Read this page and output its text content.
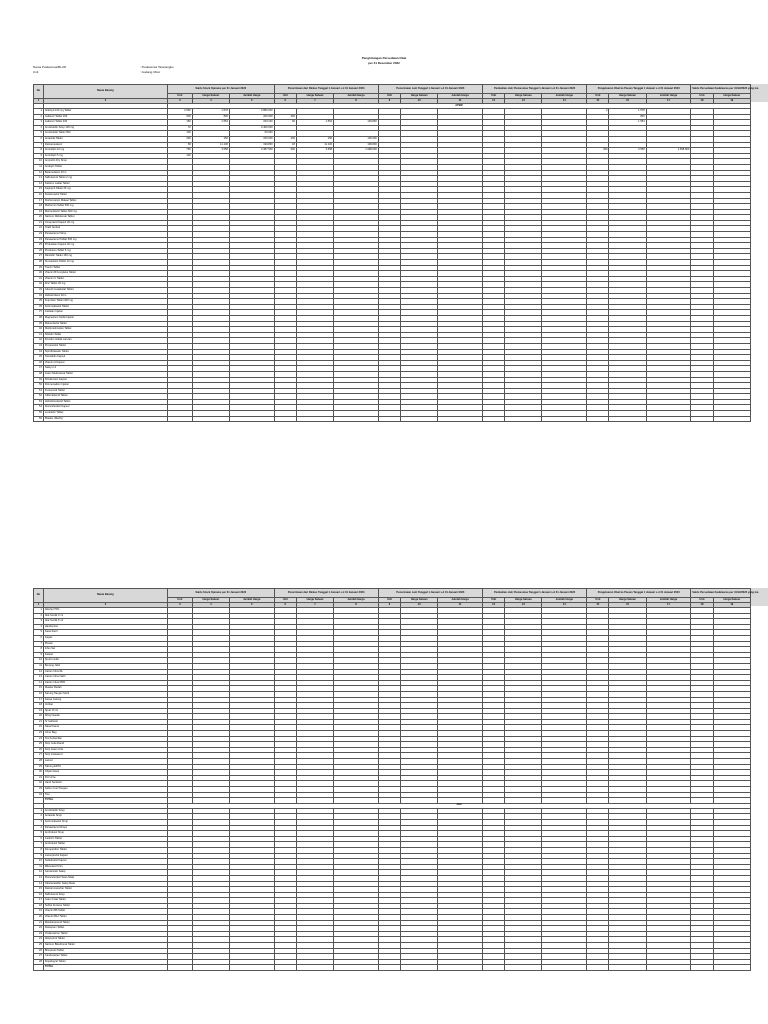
Penghitungan Persediaan Obat
per 31 Desember 2022
Nama Puskesmas/BLUD	: Puskesmas Taranangko
Unit	: Gudang Obat
No	Nama Barang	Saldo Stock Opname per 31 Januari 2023			Penerimaan dari Dinkes Tanggal 1 Januari s.d 31 Januari 2023			Penerimaan Lain Tanggal 1 Januari s.d 31 Januari 2023			Pembelian oleh Puskesmas Tanggal 1 Januari s.d 31 Januari 2023			Pengeluaran Obat ke Pasien Tanggal 1 Januari s.d 31 Januari 2023			Saldo Persediaan Kadaluarsa per 31/12/2022 yang ma	
		Unit	Harga Satuan	Jumlah Harga	Unit	Harga Satuan	Jumlah Harga	Unit	Harga Satuan	Jumlah Harga	Unit	Harga Satuan	Jumlah Harga	Unit	Harga Satuan	Jumlah Harga	Unit	Harga Satuan
1	2	3	4	5	6	7	8	9	10	11	12	13	14	15	16	17	18	19
		APBD																
1	Aldehyd 100 mg Tablet	2.560	1.578	3.880.000										2	1.578			
2	Asiklovir Tablet 200	500	800	200.000	400										800			
3	Asiklovir Tablet 400	150	1.554	233.100	90	1.554	139.860								1.554			
4	Amoksisilin Sirup 125 mg	72		3.400.000														
5	Amoksisilin Tablet 500	100		50.000														
6	Antasida Tablet	300	150	150.000	200	150	100.000											
7	Deksametason	68	11.100	199.800	18	11.100	199.800											
8	Amlodipin 10 mg	750	3.558	3.387.500	600	3.558	1.998.000							300	3.558	1.598.800		
9	Amlodipin 5 mg	120																
10	Ampisilin Dry Sirup																	
11	Antalgin Tablet																	
12	Betametason Krim																	
13	Salbutamol Tablet 2 mg																	
14	Kalsium Laktat Tablet																	
15	Kaptopril Tablet 25 mg																	
16	Ketokonazol Tablet																	
17	Klorfeniramin Maleat Tablet																	
18	Metformin Tablet 500 mg																	
19	Metronidazol Tablet 500 mg																	
20	Natrium Diklofenak Tablet																	
21	Omeprazol Kapsul 20 mg																	
22	Oralit Serbuk																	
23	Parasetamol Sirup																	
24	Parasetamol Tablet 500 mg																	
25	Piroksikam Kapsul 20 mg																	
26	Prednison Tablet 5 mg																	
27	Ranitidin Tablet 150 mg																	
28	Simvastatin Tablet 10 mg																	
29	Tiamin Tablet																	
30	Vitamin B Kompleks Tablet																	
31	Vitamin C Tablet																	
32	Zinc Tablet 20 mg																	
33	Gliseril Guaiakolat Tablet																	
34	Hidrokortison Krim																	
35	Ibuprofen Tablet 400 mg																	
36	Kotrimoksazol Tablet																	
37	Lidokain Injeksi																	
38	Magnesium Sulfat Injeksi																	
39	Mebendazol Tablet																	
40	Metilprednisolon Tablet																	
41	Nistatin Tablet																	
42	Povidon Iodida Larutan																	
43	Propranolol Tablet																	
44	Siprofloksasin Tablet																	
45	Tetrasiklin Kapsul																	
46	Vitamin A Kapsul																	
47	Salep 2-4																	
48	Asam Mefenamat Tablet																	
49	Klindamisin Kapsul																	
50	Fitomenadion Injeksi																	
51	Furosemid Tablet																	
52	Glibenklamid Tablet																	
53	Hidroklorotiazid Tablet																	
54	Kloramfenikol Kapsul																	
55	Loratadin Tablet																	
56	Masker (Medis)																	
No	Nama Barang	Saldo Stock Opname per 31 Januari 2023			Penerimaan dari Dinkes Tanggal 1 Januari s.d 31 Januari 2023			Penerimaan Lain Tanggal 1 Januari s.d 31 Januari 2023			Pembelian oleh Puskesmas Tanggal 1 Januari s.d 31 Januari 2023			Pengeluaran Obat ke Pasien Tanggal 1 Januari s.d 31 Januari 2023			Saldo Persediaan Kadaluarsa per 31/12/2022 yang ma	
		Unit	Harga Satuan	Jumlah Harga	Unit	Harga Satuan	Jumlah Harga	Unit	Harga Satuan	Jumlah Harga	Unit	Harga Satuan	Jumlah Harga	Unit	Harga Satuan	Jumlah Harga	Unit	Harga Satuan
1	2	3	4	5	6	7	8	9	10	11	12	13	14	15	16	17	18	19
1	Alkohol 70%																	
2	Alat Suntik 3 ml																	
3	Alat Suntik 5 ml																	
4	Handscoon																	
5	Kasa Steril																	
6	Kapas																	
7	Plester																	
8	Infus Set																	
9	Kateter																	
10	Spuit Insulin																	
11	Benang Jahit																	
12	Cairan Infus RL																	
13	Cairan Infus NaCl																	
14	Cairan Infus D5%																	
15	Masker Bedah																	
16	Sarung Tangan Steril																	
17	Kassa Gulung																	
18	Verban																	
19	Spuit 10 ml																	
20	Wing Needle																	
21	IV Catheter																	
22	Nasal Kanul																	
23	Urine Bag																	
24	Tes Kehamilan																	
25	Strip Gula Darah																	
26	Strip Asam Urat																	
27	Strip Kolesterol																	
28	Lancet																	
29	Tabung EDTA																	
30	Objek Glass																	
31	Pot Urine																	
32	Hand Sanitizer																	
33	Sabun Cuci Tangan																	
34	Tisu																	
	TOTAL																	
		JKN																
1	Amoksisilin Sirup																	
2	Antasida Sirup																	
3	Kotrimoksazol Sirup																	
4	Parasetamol Drops																	
5	Ambroksol Sirup																	
6	Cetirizin Tablet																	
7	Ambroksol Tablet																	
8	Domperidon Tablet																	
9	Lansoprazol Kapsul																	
10	Sefadroksil Kapsul																	
11	Mikonazol Krim																	
12	Gentamisin Salep																	
13	Kloramfenikol Tetes Mata																	
14	Oksitetrasiklin Salep Mata																	
15	Dekstrometorfan Tablet																	
16	Salbutamol Sirup																	
17	Asam Folat Tablet																	
18	Sulfas Ferosus Tablet																	
19	Vitamin B6 Tablet																	
20	Vitamin B12 Tablet																	
21	Metoklopramid Tablet																	
22	Diazepam Tablet																	
23	Ondansetron Tablet																	
24	Allopurinol Tablet																	
25	Natrium Bikarbonat Tablet																	
26	Bisoprolol Tablet																	
27	Candesartan Tablet																	
28	Klopidogrel Tablet																	
	TOTAL																	
